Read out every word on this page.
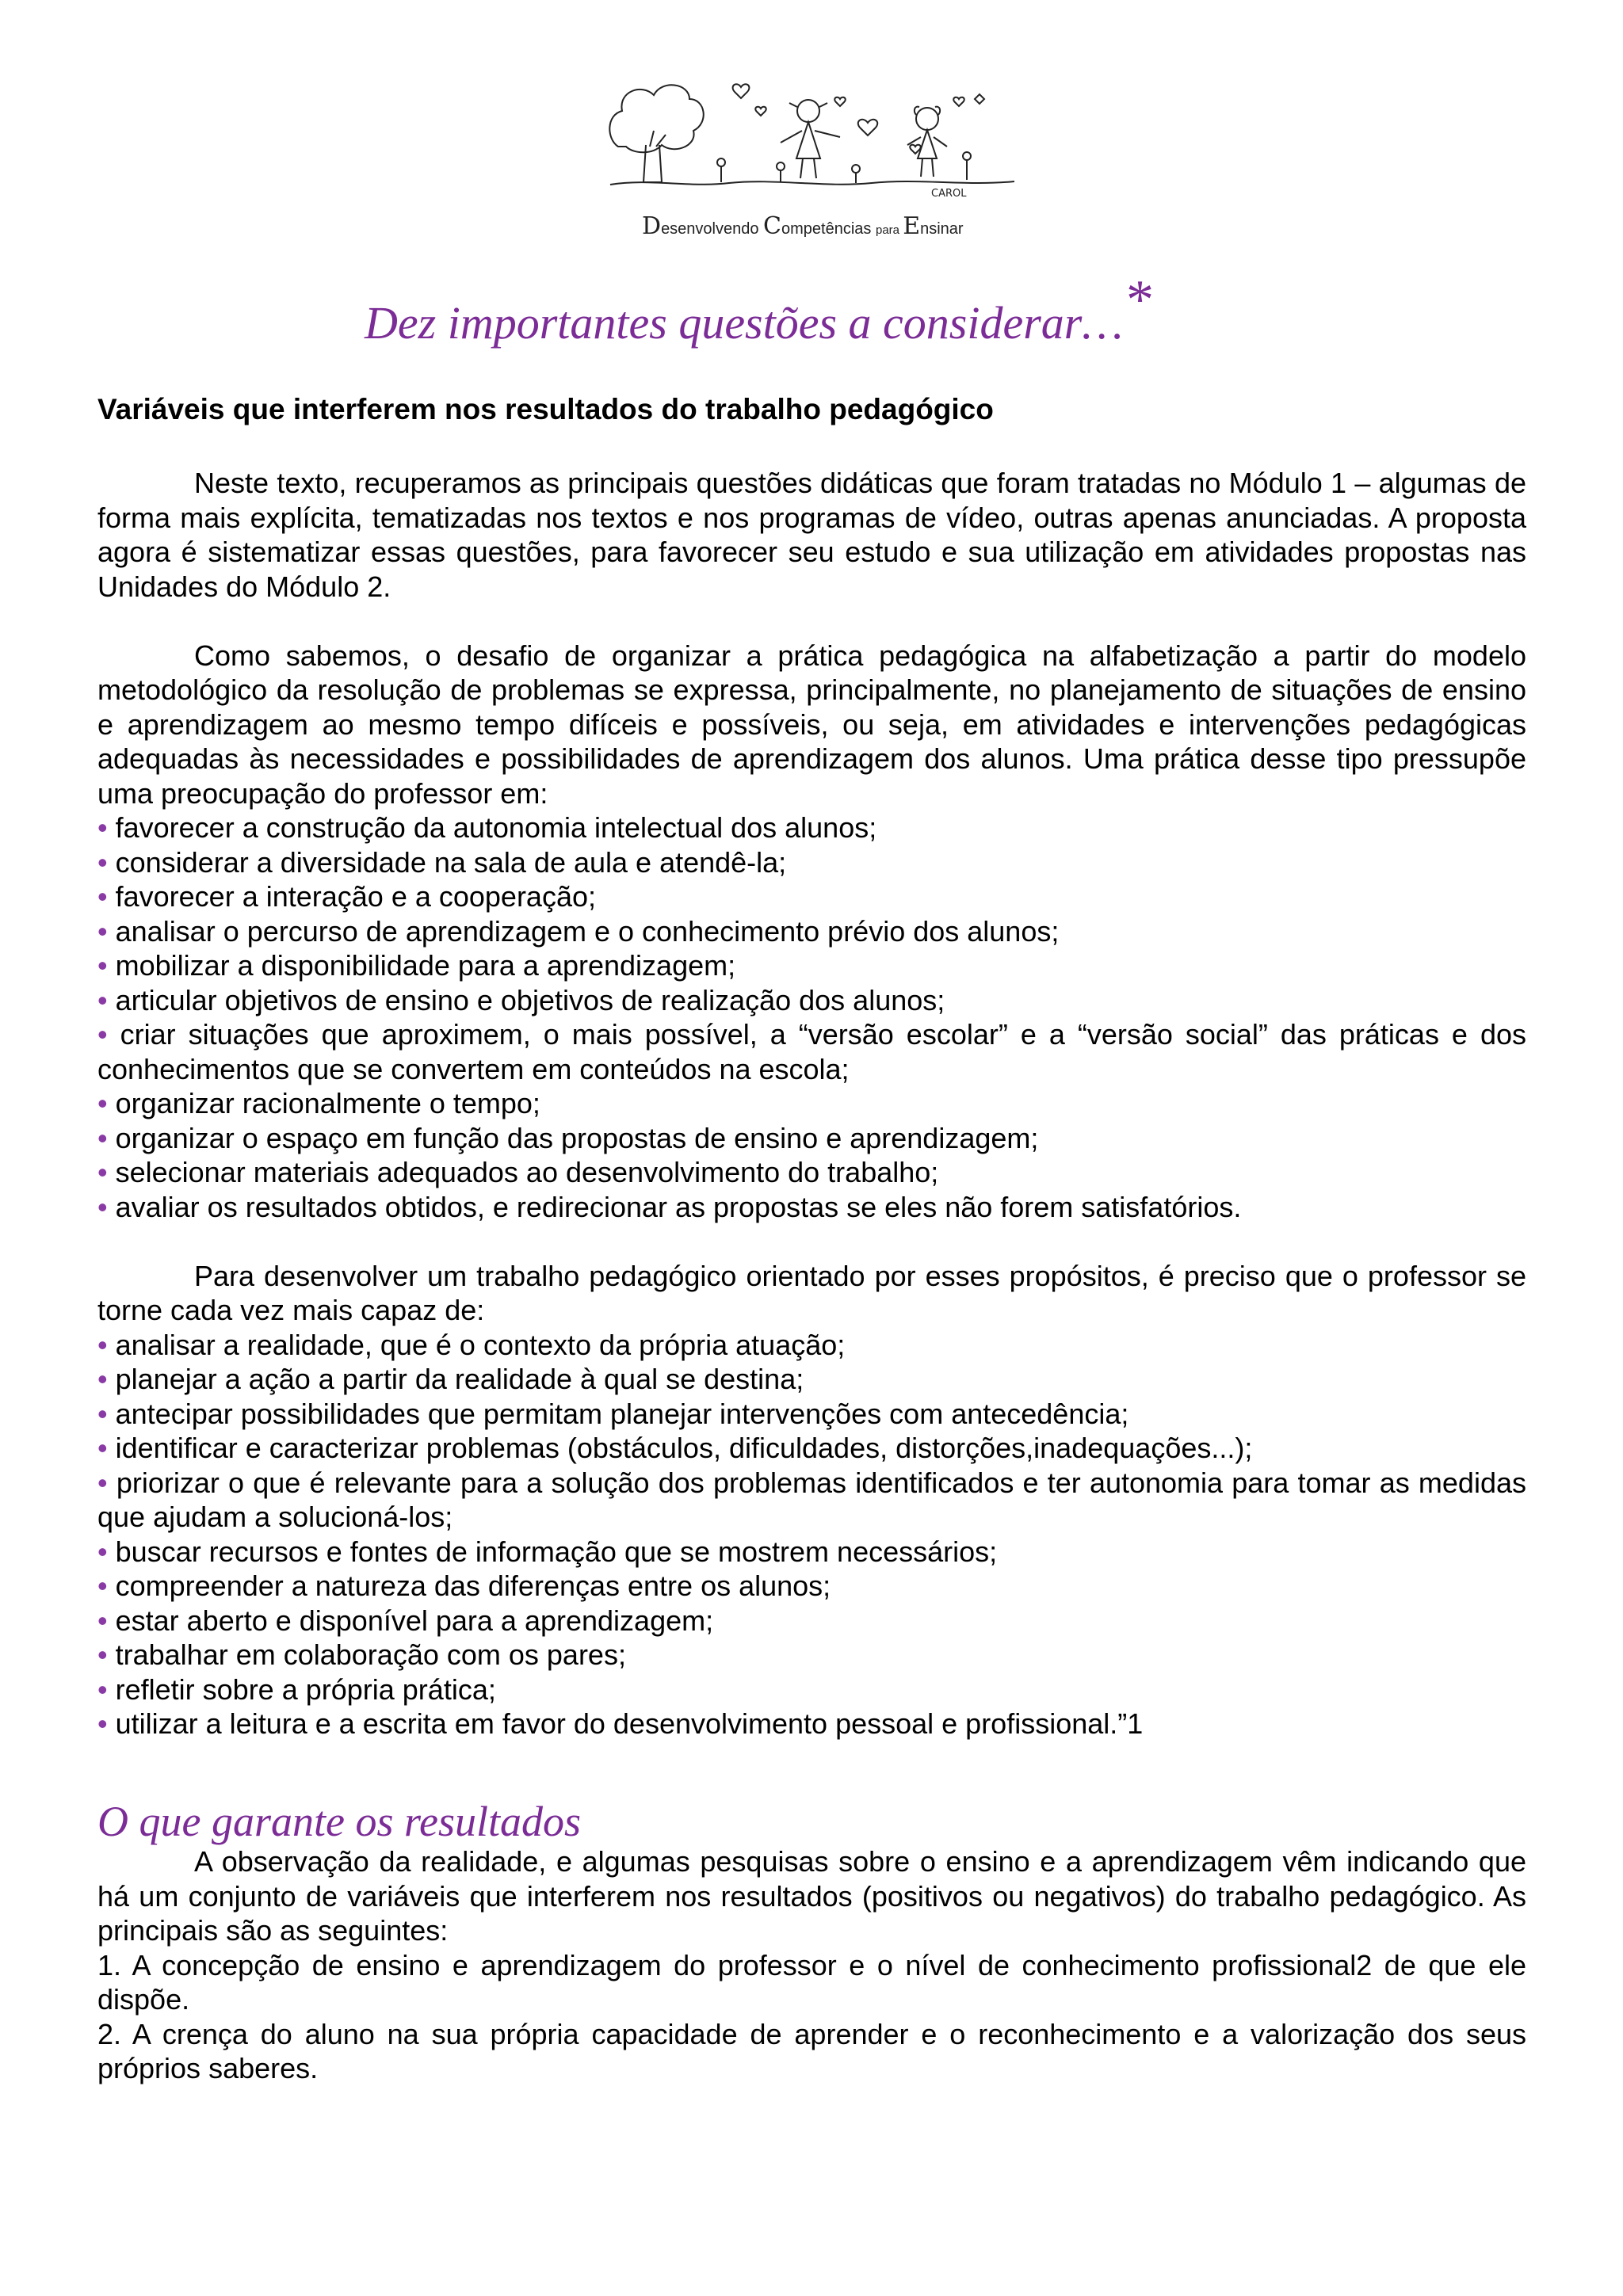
CAROL
Desenvolvendo Competências para Ensinar
Dez importantes questões a considerar…*
Variáveis que interferem nos resultados do trabalho pedagógico

Neste texto, recuperamos as principais questões didáticas que foram tratadas no Módulo 1 – algumas de forma mais explícita, tematizadas nos textos e nos programas de vídeo, outras apenas anunciadas. A proposta agora é sistematizar essas questões, para favorecer seu estudo e sua utilização em atividades propostas nas Unidades do Módulo 2.

Como sabemos, o desafio de organizar a prática pedagógica na alfabetização a partir do modelo metodológico da resolução de problemas se expressa, principalmente, no planejamento de situações de ensino e aprendizagem ao mesmo tempo difíceis e possíveis, ou seja, em atividades e intervenções pedagógicas adequadas às necessidades e possibilidades de aprendizagem dos alunos. Uma prática desse tipo pressupõe uma preocupação do professor em:

• favorecer a construção da autonomia intelectual dos alunos;

• considerar a diversidade na sala de aula e atendê-la;

• favorecer a interação e a cooperação;

• analisar o percurso de aprendizagem e o conhecimento prévio dos alunos;

• mobilizar a disponibilidade para a aprendizagem;

• articular objetivos de ensino e objetivos de realização dos alunos;

• criar situações que aproximem, o mais possível, a “versão escolar” e a “versão social” das práticas e dos conhecimentos que se convertem em conteúdos na escola;

• organizar racionalmente o tempo;

• organizar o espaço em função das propostas de ensino e aprendizagem;

• selecionar materiais adequados ao desenvolvimento do trabalho;

• avaliar os resultados obtidos, e redirecionar as propostas se eles não forem satisfatórios.

Para desenvolver um trabalho pedagógico orientado por esses propósitos, é preciso que o professor se torne cada vez mais capaz de:

• analisar a realidade, que é o contexto da própria atuação;

• planejar a ação a partir da realidade à qual se destina;

• antecipar possibilidades que permitam planejar intervenções com antecedência;

• identificar e caracterizar problemas (obstáculos, dificuldades, distorções,inadequações...);

• priorizar o que é relevante para a solução dos problemas identificados e ter autonomia para tomar as medidas que ajudam a solucioná-los;

• buscar recursos e fontes de informação que se mostrem necessários;

• compreender a natureza das diferenças entre os alunos;

• estar aberto e disponível para a aprendizagem;

• trabalhar em colaboração com os pares;

• refletir sobre a própria prática;

• utilizar a leitura e a escrita em favor do desenvolvimento pessoal e profissional.”1

O que garante os resultados

A observação da realidade, e algumas pesquisas sobre o ensino e a aprendizagem vêm indicando que há um conjunto de variáveis que interferem nos resultados (positivos ou negativos) do trabalho pedagógico. As principais são as seguintes:

1. A concepção de ensino e aprendizagem do professor e o nível de conhecimento profissional2 de que ele dispõe.

2. A crença do aluno na sua própria capacidade de aprender e o reconhecimento e a valorização dos seus próprios saberes.
